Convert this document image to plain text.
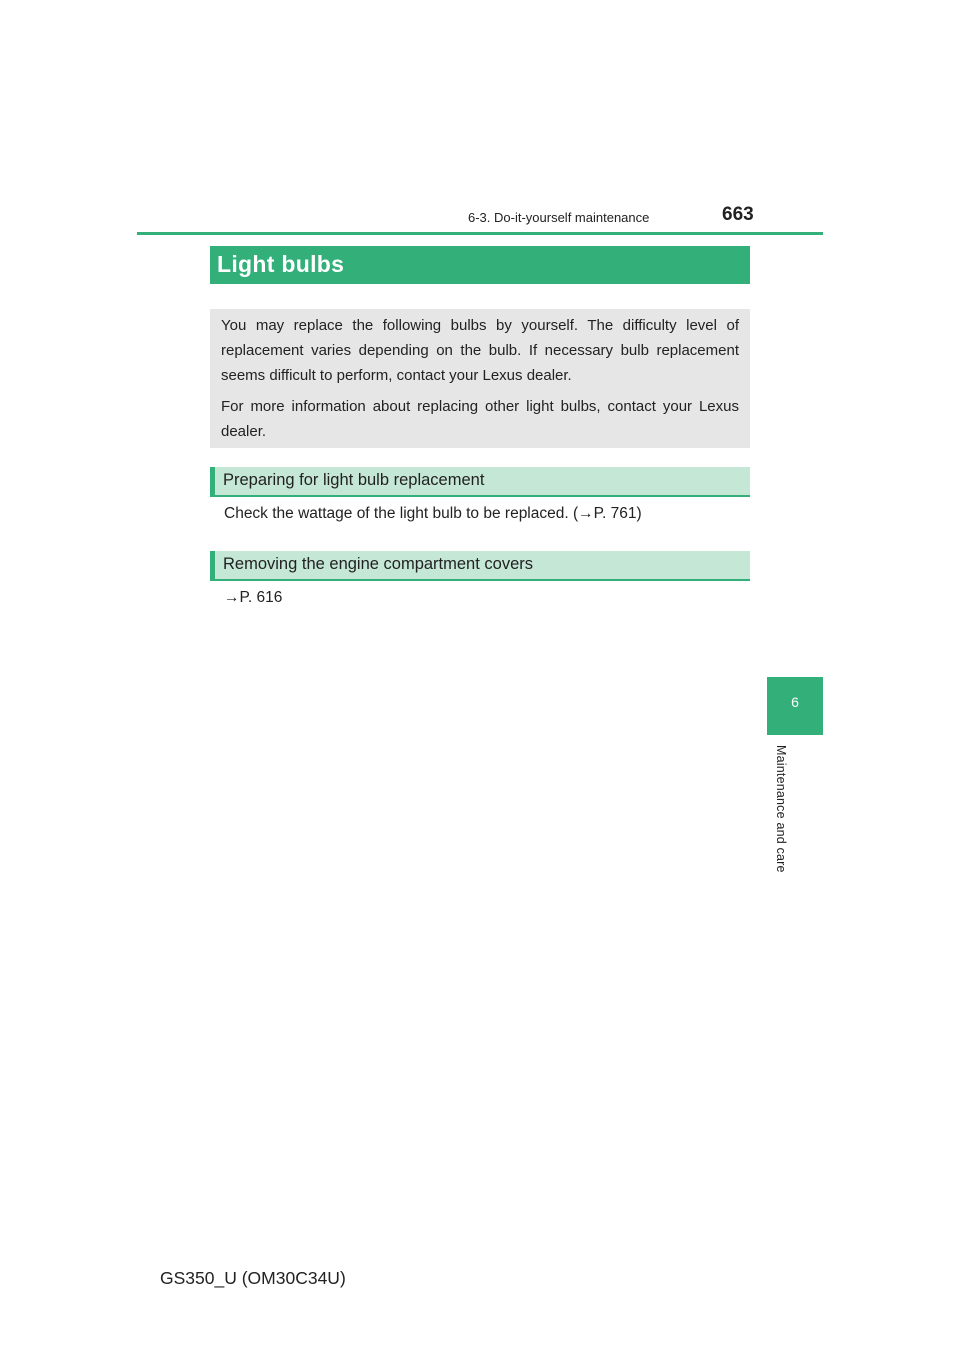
6-3. Do-it-yourself maintenance	663
6
Maintenance and care
Light bulbs

You may replace the following bulbs by yourself. The difficulty level of replacement varies depending on the bulb. If necessary bulb replacement seems difficult to perform, contact your Lexus dealer.

For more information about replacing other light bulbs, contact your Lexus dealer.

Preparing for light bulb replacement
Check the wattage of the light bulb to be replaced. (→P. 761)
Removing the engine compartment covers
→P. 616
GS350_U (OM30C34U)
